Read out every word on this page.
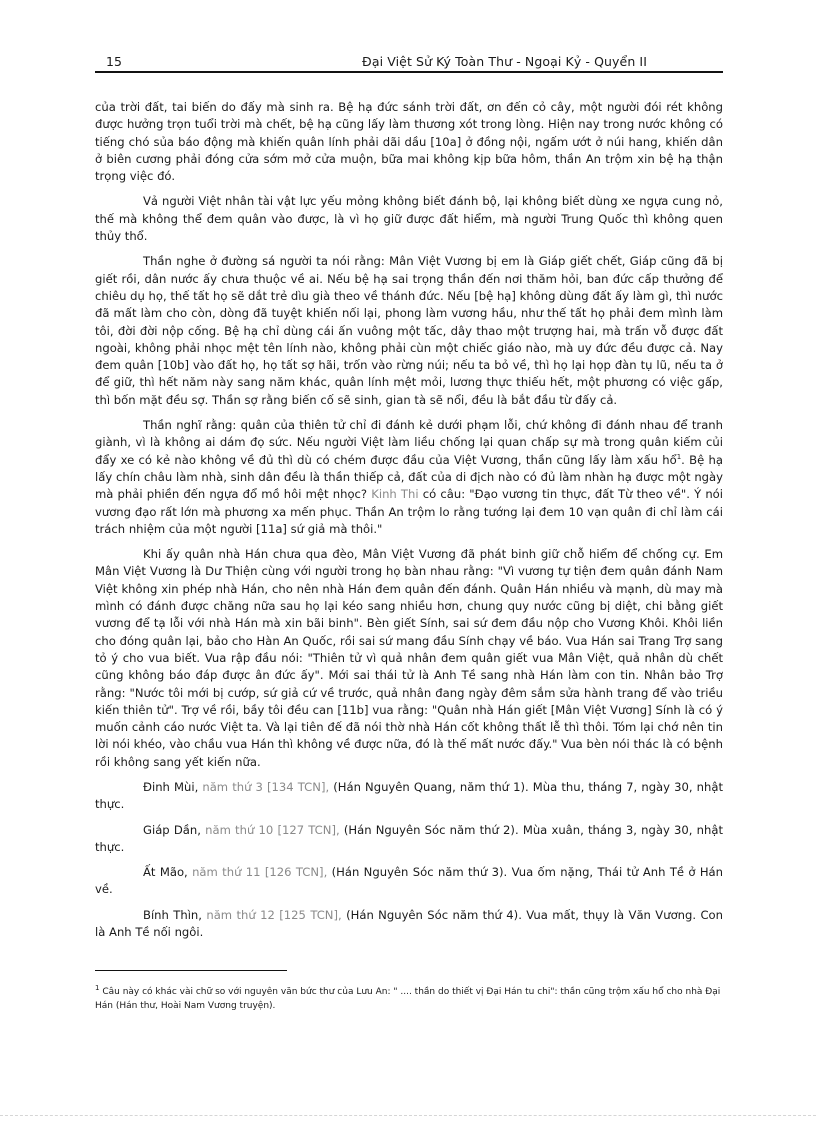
15	Đại Việt Sử Ký Toàn Thư - Ngoại Kỷ - Quyển II

của trời đất, tai biến do đấy mà sinh ra. Bệ hạ đức sánh trời đất, ơn đến cỏ cây, một người đói rét không được hưởng trọn tuổi trời mà chết, bệ hạ cũng lấy làm thương xót trong lòng. Hiện nay trong nước không có tiếng chó sủa báo động mà khiến quân lính phải dãi dầu [10a] ở đồng nội, ngấm ướt ở núi hang, khiến dân ở biên cương phải đóng cửa sớm mở cửa muộn, bữa mai không kịp bữa hôm, thần An trộm xin bệ hạ thận trọng việc đó.

Vả người Việt nhân tài vật lực yếu mỏng không biết đánh bộ, lại không biết dùng xe ngựa cung nỏ, thế mà không thể đem quân vào được, là vì họ giữ được đất hiểm, mà người Trung Quốc thì không quen thủy thổ.

Thần nghe ở đường sá người ta nói rằng: Mân Việt Vương bị em là Giáp giết chết, Giáp cũng đã bị giết rồi, dân nước ấy chưa thuộc về ai. Nếu bệ hạ sai trọng thần đến nơi thăm hỏi, ban đức cấp thưởng để chiêu dụ họ, thế tất họ sẽ dắt trẻ dìu già theo về thánh đức. Nếu [bệ hạ] không dùng đất ấy làm gì, thì nước đã mất làm cho còn, dòng đã tuyệt khiến nối lại, phong làm vương hầu, như thế tất họ phải đem mình làm tôi, đời đời nộp cống. Bệ hạ chỉ dùng cái ấn vuông một tấc, dây thao một trượng hai, mà trấn vỗ được đất ngoài, không phải nhọc mệt tên lính nào, không phải cùn một chiếc giáo nào, mà uy đức đều được cả. Nay đem quân [10b] vào đất họ, họ tất sợ hãi, trốn vào rừng núi; nếu ta bỏ về, thì họ lại họp đàn tụ lũ, nếu ta ở để giữ, thì hết năm này sang năm khác, quân lính mệt mỏi, lương thực thiếu hết, một phương có việc gấp, thì bốn mặt đều sợ. Thần sợ rằng biến cố sẽ sinh, gian tà sẽ nổi, đều là bắt đầu từ đấy cả.

Thần nghĩ rằng: quân của thiên tử chỉ đi đánh kẻ dưới phạm lỗi, chứ không đi đánh nhau để tranh giành, vì là không ai dám đọ sức. Nếu người Việt làm liều chống lại quan chấp sự mà trong quân kiếm củi đẩy xe có kẻ nào không về đủ thì dù có chém được đầu của Việt Vương, thần cũng lấy làm xấu hổ$^1$. Bệ hạ lấy chín châu làm nhà, sinh dân đều là thần thiếp cả, đất của di địch nào có đủ làm nhàn hạ được một ngày mà phải phiền đến ngựa đổ mồ hôi mệt nhọc? Kinh Thi có câu: "Đạo vương tin thực, đất Từ theo về". Ý nói vương đạo rất lớn mà phương xa mến phục. Thần An trộm lo rằng tướng lại đem 10 vạn quân đi chỉ làm cái trách nhiệm của một người [11a] sứ giả mà thôi."

Khi ấy quân nhà Hán chưa qua đèo, Mân Việt Vương đã phát binh giữ chỗ hiểm để chống cự. Em Mân Việt Vương là Dư Thiện cùng với người trong họ bàn nhau rằng: "Vì vương tự tiện đem quân đánh Nam Việt không xin phép nhà Hán, cho nên nhà Hán đem quân đến đánh. Quân Hán nhiều và mạnh, dù may mà mình có đánh được chăng nữa sau họ lại kéo sang nhiều hơn, chung quy nước cũng bị diệt, chi bằng giết vương để tạ lỗi với nhà Hán mà xin bãi binh". Bèn giết Sính, sai sứ đem đầu nộp cho Vương Khôi. Khôi liền cho đóng quân lại, bảo cho Hàn An Quốc, rồi sai sứ mang đầu Sính chạy về báo. Vua Hán sai Trang Trợ sang tỏ ý cho vua biết. Vua rập đầu nói: "Thiên tử vì quả nhân đem quân giết vua Mân Việt, quả nhân dù chết cũng không báo đáp được ân đức ấy". Mới sai thái tử là Anh Tề sang nhà Hán làm con tin. Nhân bảo Trợ rằng: "Nước tôi mới bị cướp, sứ giả cứ về trước, quả nhân đang ngày đêm sắm sửa hành trang để vào triều kiến thiên tử". Trợ về rồi, bầy tôi đều can [11b] vua rằng: "Quân nhà Hán giết [Mân Việt Vương] Sính là có ý muốn cảnh cáo nước Việt ta. Và lại tiên đế đã nói thờ nhà Hán cốt không thất lễ thì thôi. Tóm lại chớ nên tin lời nói khéo, vào chầu vua Hán thì không về được nữa, đó là thế mất nước đấy." Vua bèn nói thác là có bệnh rồi không sang yết kiến nữa.

Đinh Mùi, năm thứ 3 [134 TCN], (Hán Nguyên Quang, năm thứ 1). Mùa thu, tháng 7, ngày 30, nhật thực.

Giáp Dần, năm thứ 10 [127 TCN], (Hán Nguyên Sóc năm thứ 2). Mùa xuân, tháng 3, ngày 30, nhật thực.

Ất Mão, năm thứ 11 [126 TCN], (Hán Nguyên Sóc năm thứ 3). Vua ốm nặng, Thái tử Anh Tề ở Hán về.

Bính Thìn, năm thứ 12 [125 TCN], (Hán Nguyên Sóc năm thứ 4). Vua mất, thụy là Văn Vương. Con là Anh Tề nối ngôi.

$^1$ Câu này có khác vài chữ so với nguyên văn bức thư của Lưu An: " .... thần do thiết vị Đại Hán tu chi": thần cũng trộm xấu hổ cho nhà Đại Hán (Hán thư, Hoài Nam Vương truyện).
